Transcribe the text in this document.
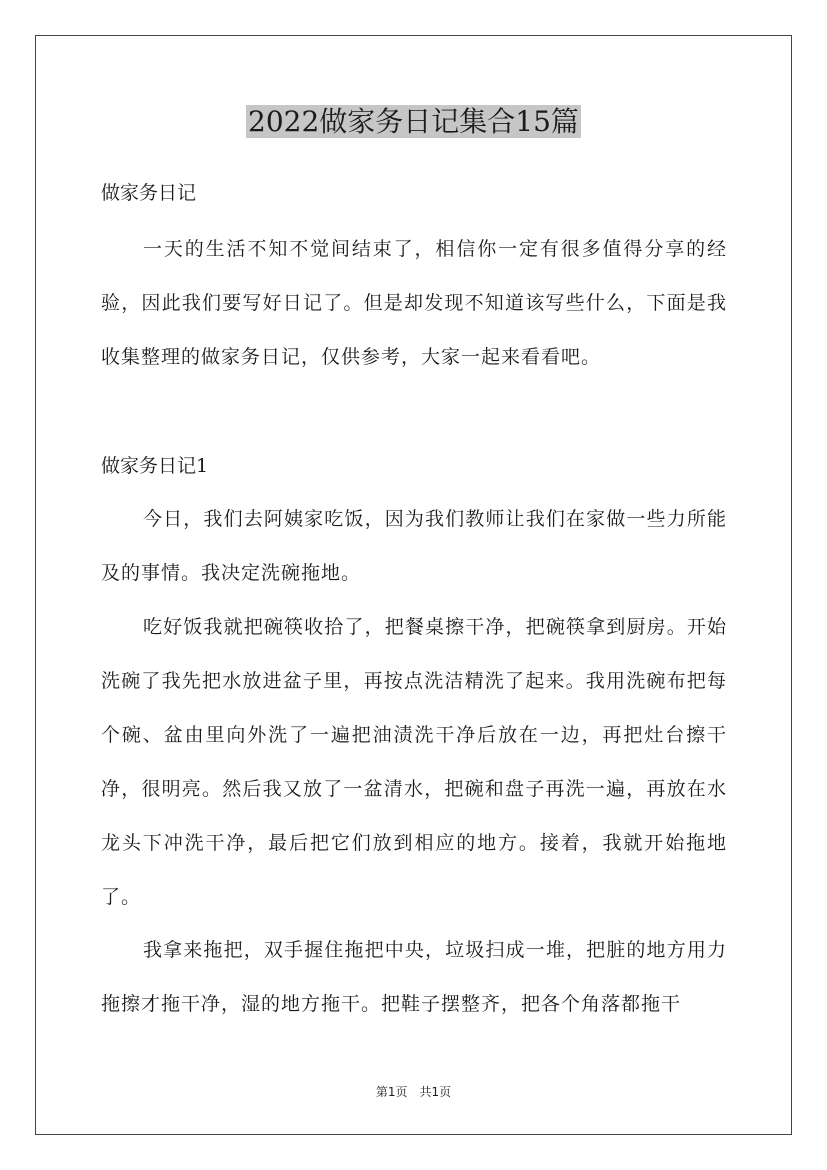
2022做家务日记集合15篇

做家务日记

一天的生活不知不觉间结束了，相信你一定有很多值得分享的经验，因此我们要写好日记了。但是却发现不知道该写些什么，下面是我收集整理的做家务日记，仅供参考，大家一起来看看吧。

做家务日记1

今日，我们去阿姨家吃饭，因为我们教师让我们在家做一些力所能及的事情。我决定洗碗拖地。

吃好饭我就把碗筷收拾了，把餐桌擦干净，把碗筷拿到厨房。开始洗碗了我先把水放进盆子里，再按点洗洁精洗了起来。我用洗碗布把每个碗、盆由里向外洗了一遍把油渍洗干净后放在一边，再把灶台擦干净，很明亮。然后我又放了一盆清水，把碗和盘子再洗一遍，再放在水龙头下冲洗干净，最后把它们放到相应的地方。接着，我就开始拖地了。

我拿来拖把，双手握住拖把中央，垃圾扫成一堆，把脏的地方用力拖擦才拖干净，湿的地方拖干。把鞋子摆整齐，把各个角落都拖干

第1页　共1页
